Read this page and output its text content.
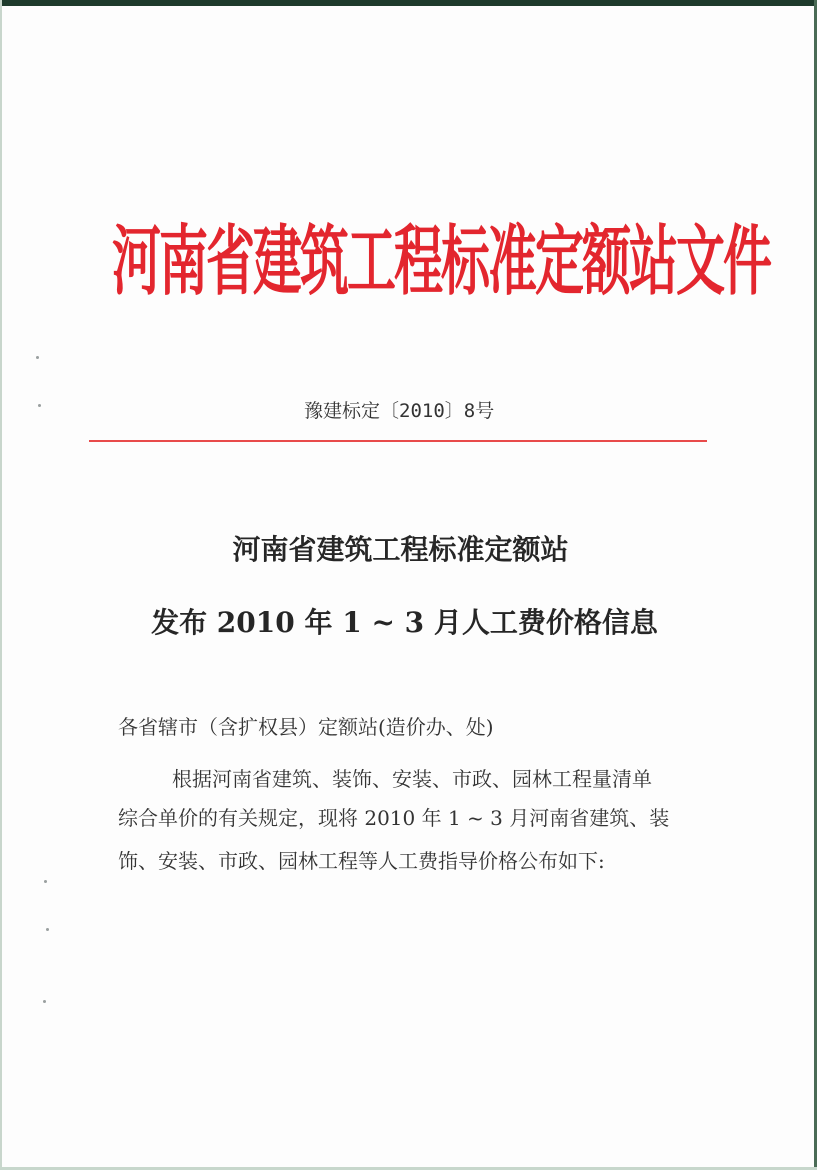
河南省建筑工程标准定额站文件
豫建标定〔2010〕8号
河南省建筑工程标准定额站
发布 2010 年 1 ~ 3 月人工费价格信息
各省辖市（含扩权县）定额站(造价办、处)
根据河南省建筑、装饰、安装、市政、园林工程量清单
综合单价的有关规定，现将 2010 年 1 ~ 3 月河南省建筑、装
饰、安装、市政、园林工程等人工费指导价格公布如下:
